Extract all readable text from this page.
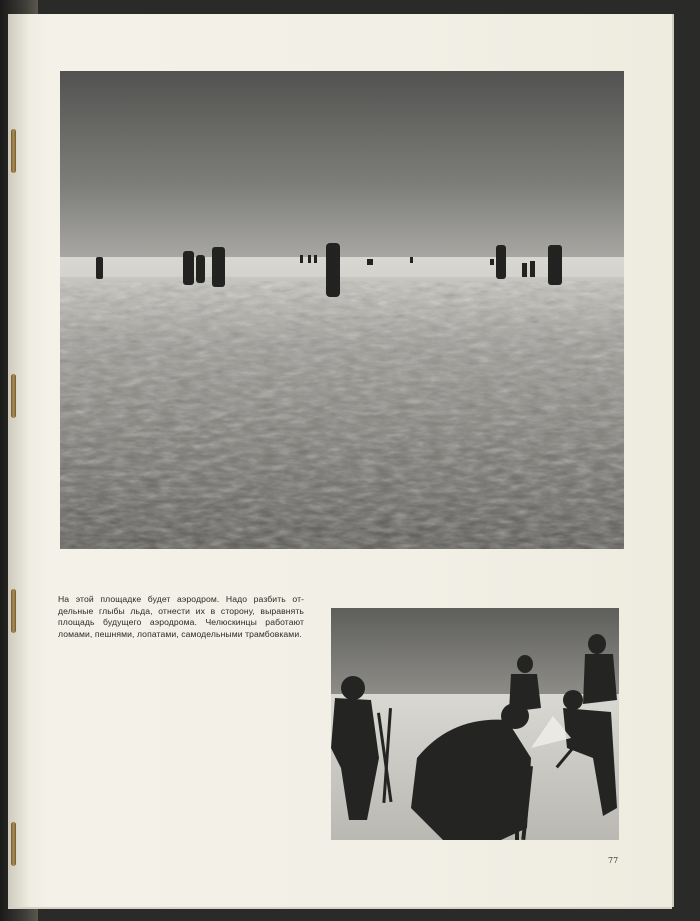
На этой площадке будет аэродром. Надо разбить отдельные глыбы льда, отнести их в сторону, выравнять площадь будущего аэродрома. Челюскинцы работают ломами, пешнями, лопатами, самодельными трамбовками.

77
